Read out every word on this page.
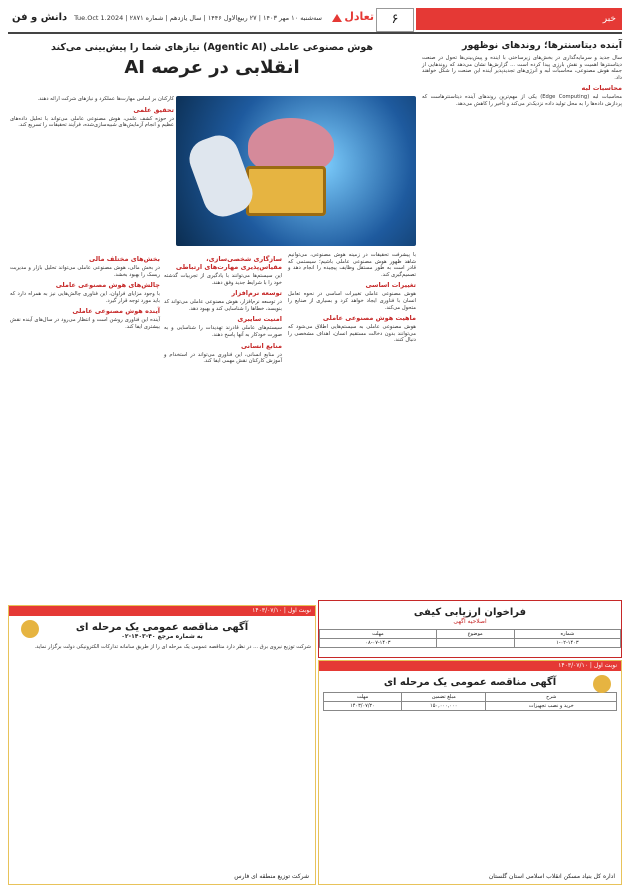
خبر
۶
تعادل
سه‌شنبه ۱۰ مهر ۱۴۰۳ | ۲۷ ربیع‌الاول ۱۴۴۶ | سال یازدهم | شماره ۲۸۷۱ | Tue.Oct 1.2024
دانش و فن
آینده دیتاسنترها؛ روندهای نوظهور
سال جدید و سرمایه‌گذاری در بخش‌های زیرساختی با اینده و پیش‌بینی‌ها تحول در صنعت دیتاسنترها اهمیت و نقش بارزی پیدا کرده است ... گزارش‌ها نشان می‌دهد که روند‌هایی از جمله هوش مصنوعی، محاسبات لبه و انرژی‌های تجدیدپذیر آینده این صنعت را شکل خواهند داد.
محاسبات لبه
محاسبات لبه (Edge Computing) یکی از مهم‌ترین روندهای آینده دیتاسنترهاست که پردازش داده‌ها را به محل تولید داده نزدیک‌تر می‌کند و تأخیر را کاهش می‌دهد.
هوش مصنوعی عاملی (Agentic AI) نیازهای شما را پیش‌بینی می‌کند
انقلابی در عرصه AI
کارکنان بر اساس مهارت‌ها عملکرد و نیازهای شرکت ارائه دهند.
تحقیق علمی
در حوزه کشف علمی، هوش مصنوعی عاملی می‌تواند با تحلیل داده‌های عظیم و انجام آزمایش‌های شبیه‌سازی‌شده، فرآیند تحقیقات را تسریع کند.
با پیشرفت تحقیقات در زمینه هوش مصنوعی، می‌توانیم شاهد ظهور هوش مصنوعی عاملی باشیم؛ سیستمی که قادر است به طور مستقل وظایف پیچیده را انجام دهد و تصمیم‌گیری کند.
تغییرات اساسی
هوش مصنوعی عاملی تغییرات اساسی در نحوه تعامل انسان با فناوری ایجاد خواهد کرد و بسیاری از صنایع را متحول می‌کند.
ماهیت هوش مصنوعی عاملی
هوش مصنوعی عاملی به سیستم‌هایی اطلاق می‌شود که می‌توانند بدون دخالت مستقیم انسان، اهداف مشخصی را دنبال کنند.
سازگاری شخصی‌سازی، مقیاس‌پذیری مهارت‌های ارتباطی
این سیستم‌ها می‌توانند با یادگیری از تجربیات گذشته خود را با شرایط جدید وفق دهند.
توسعه نرم‌افزار
در توسعه نرم‌افزار، هوش مصنوعی عاملی می‌تواند کد بنویسد، خطاها را شناسایی کند و بهبود دهد.
امنیت سایبری
سیستم‌های عاملی قادرند تهدیدات را شناسایی و به صورت خودکار به آنها پاسخ دهند.
منابع انسانی
در منابع انسانی، این فناوری می‌تواند در استخدام و آموزش کارکنان نقش مهمی ایفا کند.
بخش‌های مختلف مالی
در بخش مالی، هوش مصنوعی عاملی می‌تواند تحلیل بازار و مدیریت ریسک را بهبود بخشد.
چالش‌های هوش مصنوعی عاملی
با وجود مزایای فراوان، این فناوری چالش‌هایی نیز به همراه دارد که باید مورد توجه قرار گیرد.
آینده هوش مصنوعی عاملی
آینده این فناوری روشن است و انتظار می‌رود در سال‌های آینده نقش بیشتری ایفا کند.
فراخوان ارزیابی کیفی
اصلاحیه آگهی
شماره	موضوع	مهلت
۱-۰۲-۱۴۰۳		۰۸-۰۷-۱۴۰۳
نوبت اول | ۱۴۰۳/۰۷/۱۰
آگهی مناقصه عمومی یک مرحله ای
به شماره مرجع ۴۰-۱۴۰۳-۰۲
شرکت توزیع نیروی برق ... در نظر دارد مناقصه عمومی یک مرحله ای را از طریق سامانه تدارکات الکترونیکی دولت برگزار نماید.
شرکت توزیع منطقه ای فارس
نوبت اول | ۱۴۰۳/۰۷/۱۰
آگهی مناقصه عمومی یک مرحله ای
شرح	مبلغ تضمین	مهلت
خرید و نصب تجهیزات	۱۵۰,۰۰۰,۰۰۰	۱۴۰۳/۰۷/۲۰
اداره کل بنیاد مسکن انقلاب اسلامی استان گلستان
